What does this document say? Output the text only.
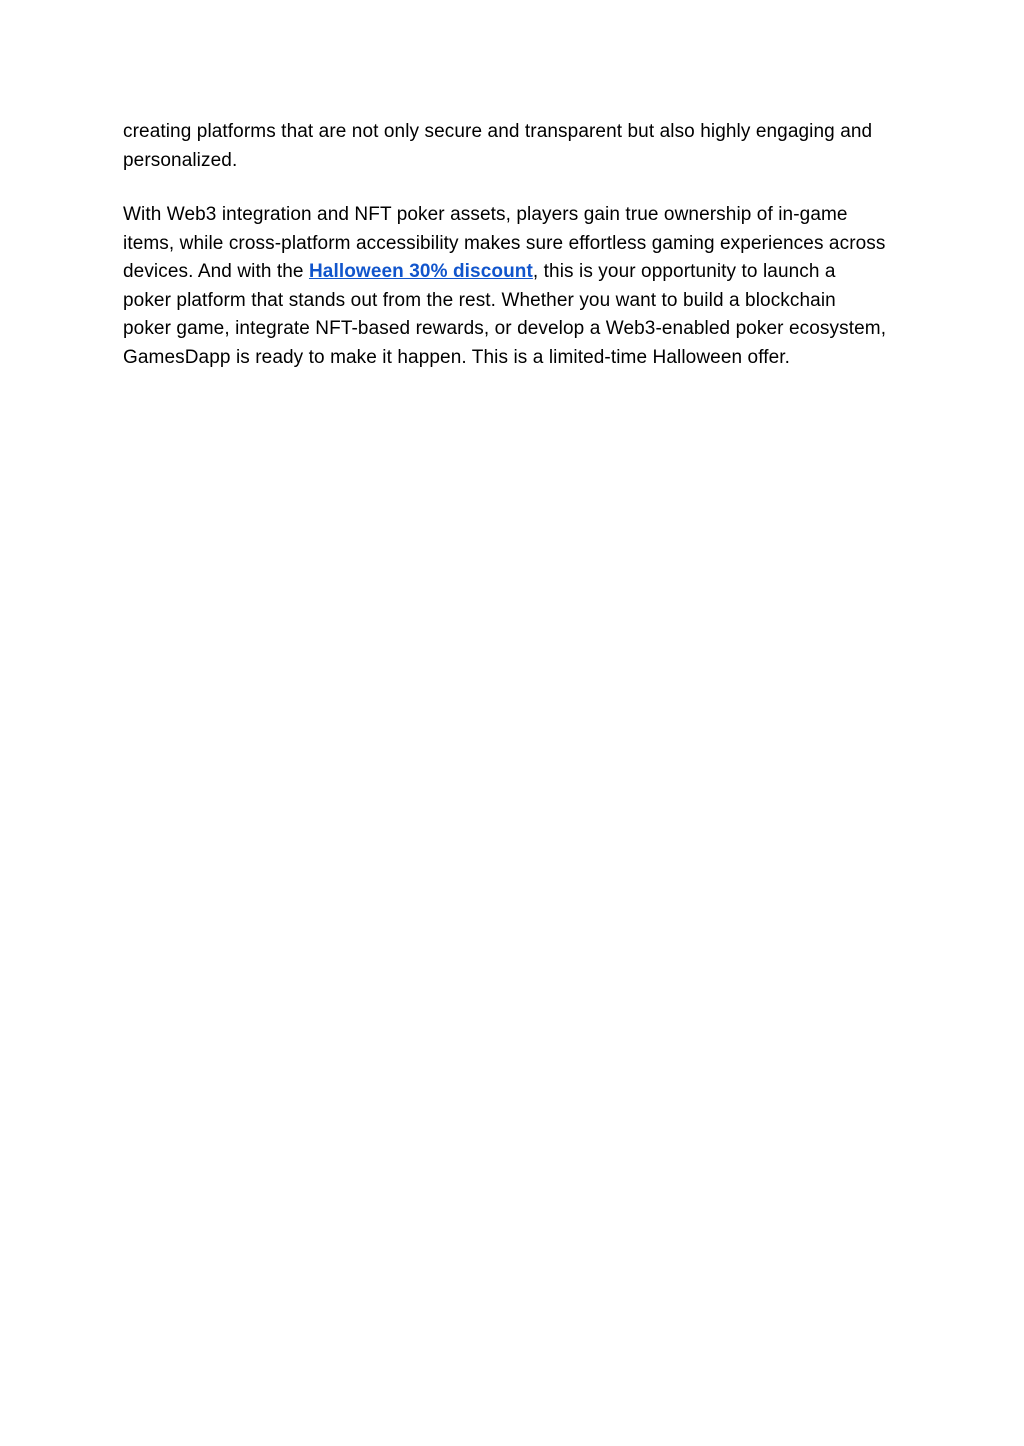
creating platforms that are not only secure and transparent but also highly engaging and personalized.

With Web3 integration and NFT poker assets, players gain true ownership of in-game items, while cross-platform accessibility makes sure effortless gaming experiences across devices. And with the Halloween 30% discount, this is your opportunity to launch a poker platform that stands out from the rest. Whether you want to build a blockchain poker game, integrate NFT-based rewards, or develop a Web3-enabled poker ecosystem, GamesDapp is ready to make it happen. This is a limited-time Halloween offer.
